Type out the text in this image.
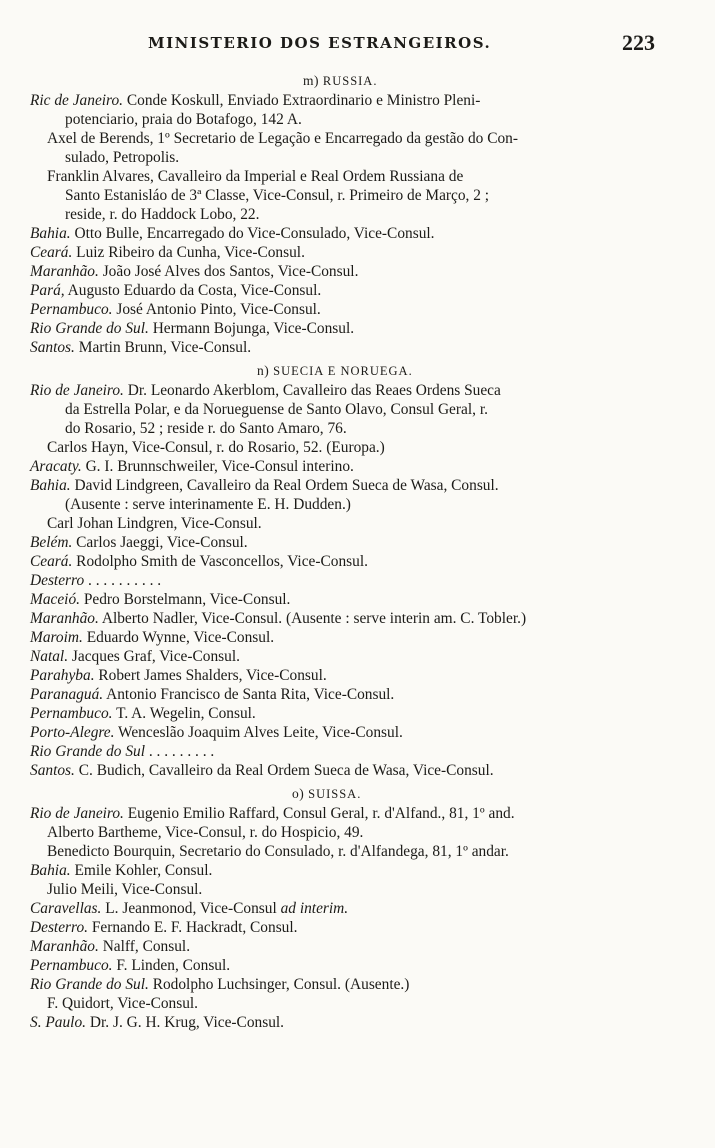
MINISTERIO DOS ESTRANGEIROS.	223
m) RUSSIA.
Ric de Janeiro. Conde Koskull, Enviado Extraordinario e Ministro Pleni-
potenciario, praia do Botafogo, 142 A.
Axel de Berends, 1º Secretario de Legação e Encarregado da gestão do Con-
sulado, Petropolis.
Franklin Alvares, Cavalleiro da Imperial e Real Ordem Russiana de
Santo Estanisláo de 3ª Classe, Vice-Consul, r. Primeiro de Março, 2 ;
reside, r. do Haddock Lobo, 22.
Bahia. Otto Bulle, Encarregado do Vice-Consulado, Vice-Consul.
Ceará. Luiz Ribeiro da Cunha, Vice-Consul.
Maranhão. João José Alves dos Santos, Vice-Consul.
Pará, Augusto Eduardo da Costa, Vice-Consul.
Pernambuco. José Antonio Pinto, Vice-Consul.
Rio Grande do Sul. Hermann Bojunga, Vice-Consul.
Santos. Martin Brunn, Vice-Consul.
n) SUECIA E NORUEGA.
Rio de Janeiro. Dr. Leonardo Akerblom, Cavalleiro das Reaes Ordens Sueca
da Estrella Polar, e da Norueguense de Santo Olavo, Consul Geral, r.
do Rosario, 52 ; reside r. do Santo Amaro, 76.
Carlos Hayn, Vice-Consul, r. do Rosario, 52. (Europa.)
Aracaty. G. I. Brunnschweiler, Vice-Consul interino.
Bahia. David Lindgreen, Cavalleiro da Real Ordem Sueca de Wasa, Consul.
(Ausente : serve interinamente E. H. Dudden.)
Carl Johan Lindgren, Vice-Consul.
Belém. Carlos Jaeggi, Vice-Consul.
Ceará. Rodolpho Smith de Vasconcellos, Vice-Consul.
Desterro . . . . . . . . . .
Maceió. Pedro Borstelmann, Vice-Consul.
Maranhão. Alberto Nadler, Vice-Consul. (Ausente : serve interin am. C. Tobler.)
Maroim. Eduardo Wynne, Vice-Consul.
Natal. Jacques Graf, Vice-Consul.
Parahyba. Robert James Shalders, Vice-Consul.
Paranaguá. Antonio Francisco de Santa Rita, Vice-Consul.
Pernambuco. T. A. Wegelin, Consul.
Porto-Alegre. Wenceslão Joaquim Alves Leite, Vice-Consul.
Rio Grande do Sul . . . . . . . . .
Santos. C. Budich, Cavalleiro da Real Ordem Sueca de Wasa, Vice-Consul.
o) SUISSA.
Rio de Janeiro. Eugenio Emilio Raffard, Consul Geral, r. d'Alfand., 81, 1º and.
Alberto Bartheme, Vice-Consul, r. do Hospicio, 49.
Benedicto Bourquin, Secretario do Consulado, r. d'Alfandega, 81, 1º andar.
Bahia. Emile Kohler, Consul.
Julio Meili, Vice-Consul.
Caravellas. L. Jeanmonod, Vice-Consul ad interim.
Desterro. Fernando E. F. Hackradt, Consul.
Maranhão. Nalff, Consul.
Pernambuco. F. Linden, Consul.
Rio Grande do Sul. Rodolpho Luchsinger, Consul. (Ausente.)
F. Quidort, Vice-Consul.
S. Paulo. Dr. J. G. H. Krug, Vice-Consul.
